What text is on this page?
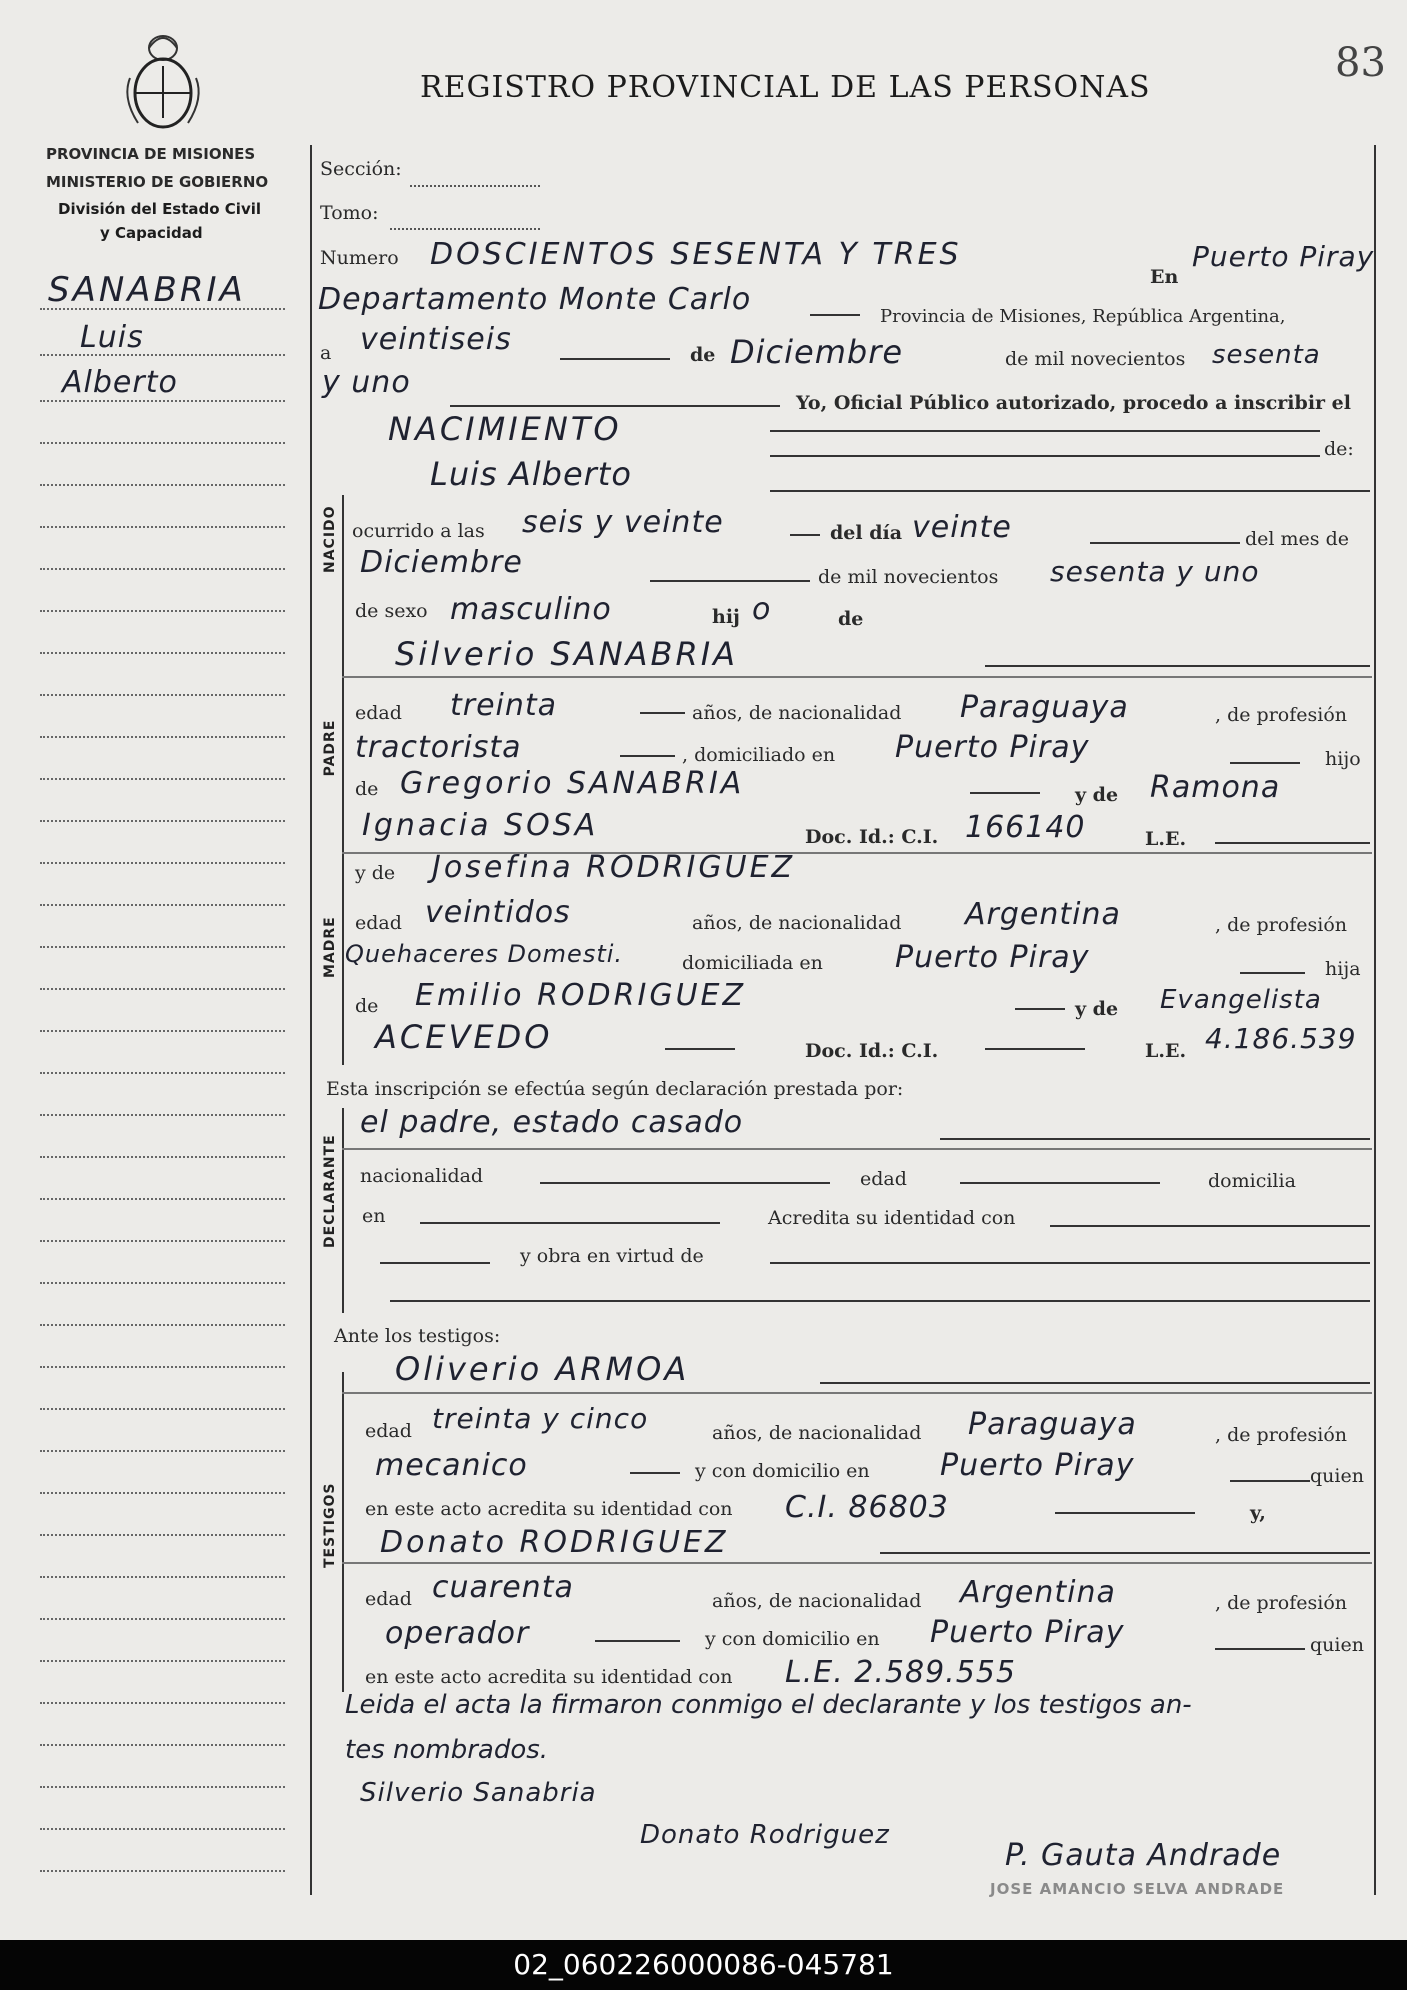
83
REGISTRO PROVINCIAL DE LAS PERSONAS
PROVINCIA DE MISIONES
MINISTERIO DE GOBIERNO
División del Estado Civil
y Capacidad
SANABRIA
Luis
Alberto
Sección:
Tomo:
Numero DOSCIENTOS SESENTA Y TRES
En
Puerto Piray
Departamento Monte Carlo	Provincia de Misiones, República Argentina,
a veintiseis	de Diciembre	de mil novecientos sesenta
y uno
Yo, Oficial Público autorizado, procedo a inscribir el
NACIMIENTO
de:
NACIDO
Luis Alberto
ocurrido a las seis y veinte	del día veinte	del mes de
Diciembre	de mil novecientos sesenta y uno
de sexo masculino	hij o	de
PADRE
Silverio SANABRIA
edad treinta	años, de nacionalidad Paraguaya	, de profesión
tractorista	, domiciliado en Puerto Piray	hijo
de Gregorio SANABRIA	y de Ramona
Ignacia SOSA	Doc. Id.: C.I. 166140	L.E.
MADRE
y de Josefina RODRIGUEZ
edad veintidos	años, de nacionalidad Argentina	, de profesión
Quehaceres Domesti.	domiciliada en Puerto Piray	hija
de Emilio RODRIGUEZ	y de Evangelista
ACEVEDO	Doc. Id.: C.I.	L.E. 4.186.539
Esta inscripción se efectúa según declaración prestada por:
DECLARANTE
el padre, estado casado
nacionalidad	edad	domicilia
en	Acredita su identidad con
y obra en virtud de
Ante los testigos:
TESTIGOS
Oliverio ARMOA
edad treinta y cinco	años, de nacionalidad Paraguaya	, de profesión
mecanico	y con domicilio en Puerto Piray	quien
en este acto acredita su identidad con C.I. 86803	y,
Donato RODRIGUEZ
edad cuarenta	años, de nacionalidad Argentina	, de profesión
operador	y con domicilio en Puerto Piray	quien
en este acto acredita su identidad con L.E. 2.589.555
Leida el acta la firmaron conmigo el declarante y los testigos an-
tes nombrados.
Silverio Sanabria
Donato Rodriguez
P. Gauta Andrade
JOSE AMANCIO SELVA ANDRADE
02_060226000086-045781
